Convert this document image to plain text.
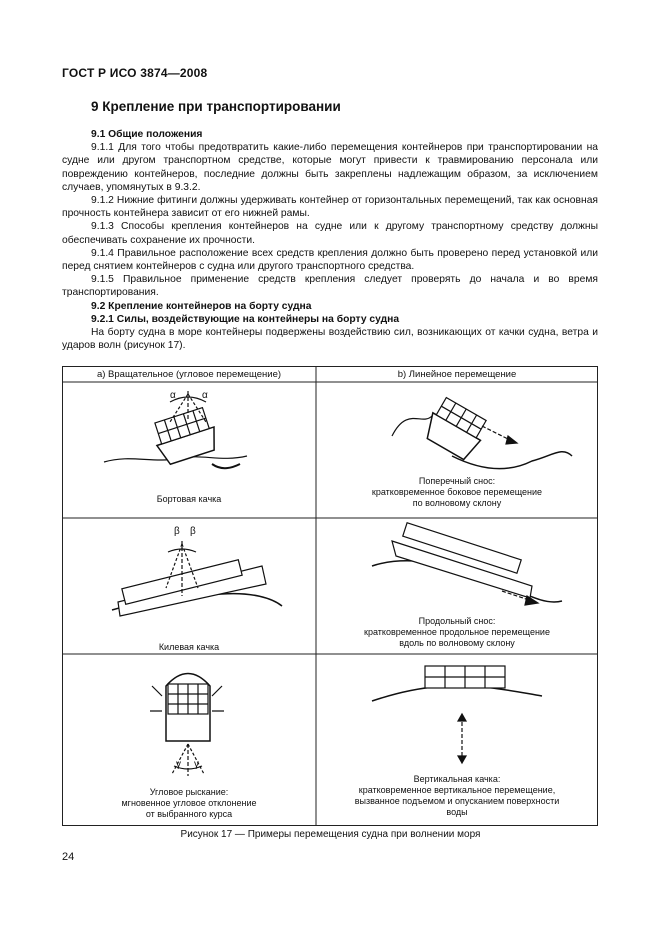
ГОСТ Р ИСО 3874—2008
9 Крепление при транспортировании

9.1 Общие положения

9.1.1 Для того чтобы предотвратить какие-либо перемещения контейнеров при транспортировании на судне или другом транспортном средстве, которые могут привести к травмированию персонала или повреждению контейнеров, последние должны быть закреплены надлежащим образом, за исключением случаев, упомянутых в 9.3.2.

9.1.2 Нижние фитинги должны удерживать контейнер от горизонтальных перемещений, так как основная прочность контейнера зависит от его нижней рамы.

9.1.3 Способы крепления контейнеров на судне или к другому транспортному средству должны обеспечивать сохранение их прочности.

9.1.4 Правильное расположение всех средств крепления должно быть проверено перед установкой или перед снятием контейнеров с судна или другого транспортного средства.

9.1.5 Правильное применение средств крепления следует проверять до начала и во время транспортирования.

9.2 Крепление контейнеров на борту судна

9.2.1 Силы, воздействующие на контейнеры на борту судна

На борту судна в море контейнеры подвержены воздействию сил, возникающих от качки судна, ветра и ударов волн (рисунок 17).

a) Вращательное (угловое перемещение)	b) Линейное перемещение
α	α
β β
γ γ
Бортовая качка
Поперечный снос:
кратковременное боковое перемещение
по волновому склону
Килевая качка
Продольный снос:
кратковременное продольное перемещение
вдоль по волновому склону
Угловое рыскание:
мгновенное угловое отклонение
от выбранного курса
Вертикальная качка:
кратковременное вертикальное перемещение,
вызванное подъемом и опусканием поверхности
воды
Рисунок 17 — Примеры перемещения судна при волнении моря
24
